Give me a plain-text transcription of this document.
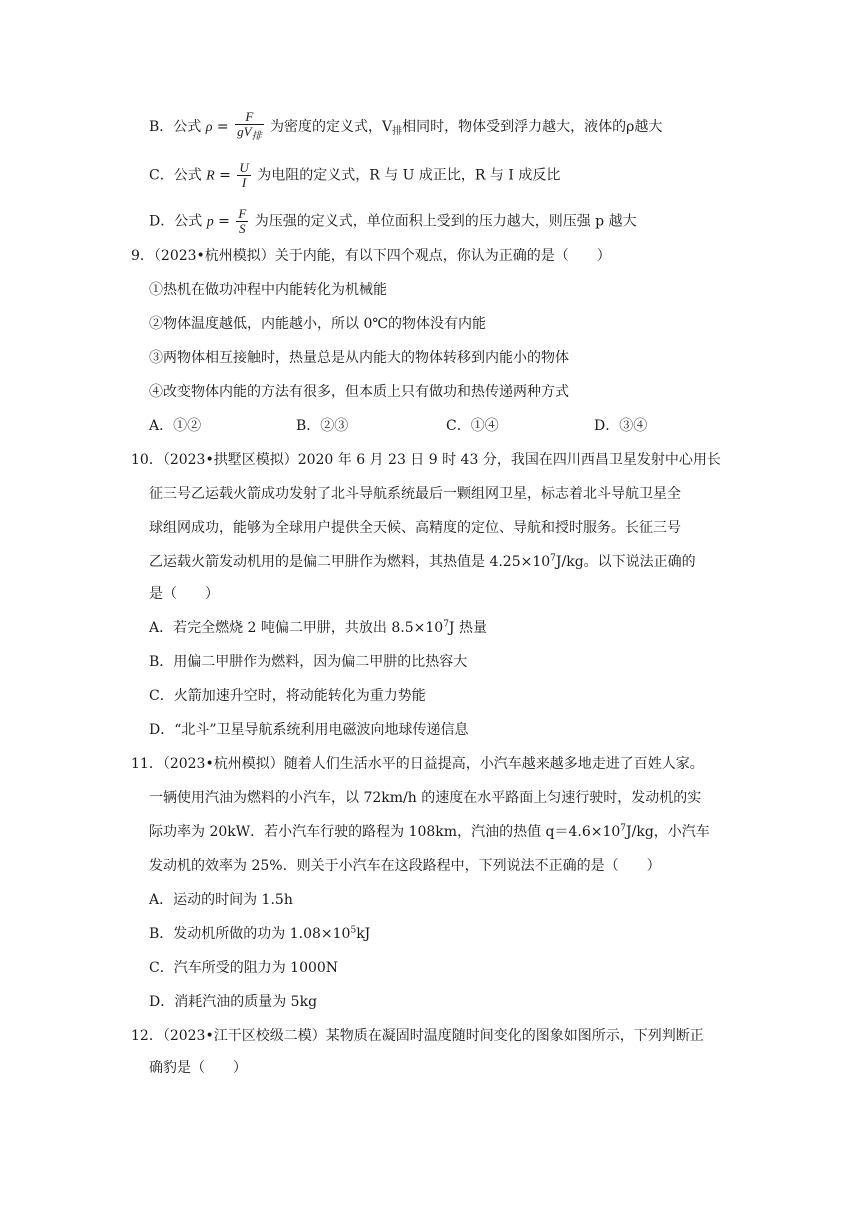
B．公式 $\rho = \frac{F}{gV_排}$ 为密度的定义式，$V_排$相同时，物体受到浮力越大，液体的ρ越大
C．公式 $R = \frac{U}{I}$ 为电阻的定义式，R 与 U 成正比，R 与 I 成反比
D．公式 $p = \frac{F}{S}$ 为压强的定义式，单位面积上受到的压力越大，则压强 p 越大
9．（2023•杭州模拟）关于内能，有以下四个观点，你认为正确的是（　　）
①热机在做功冲程中内能转化为机械能
②物体温度越低，内能越小，所以 0℃的物体没有内能
③两物体相互接触时，热量总是从内能大的物体转移到内能小的物体
④改变物体内能的方法有很多，但本质上只有做功和热传递两种方式
A．①②	B．②③	C．①④	D．③④
10．（2023•拱墅区模拟）2020 年 6 月 23 日 9 时 43 分，我国在四川西昌卫星发射中心用长
征三号乙运载火箭成功发射了北斗导航系统最后一颗组网卫星，标志着北斗导航卫星全
球组网成功，能够为全球用户提供全天候、高精度的定位、导航和授时服务。长征三号
乙运载火箭发动机用的是偏二甲肼作为燃料，其热值是 $4.25\times 10^7J/kg$。以下说法正确的
是（　　）
A．若完全燃烧 2 吨偏二甲肼，共放出 $8.5\times 10^7J$ 热量
B．用偏二甲肼作为燃料，因为偏二甲肼的比热容大
C．火箭加速升空时，将动能转化为重力势能
D．“北斗”卫星导航系统利用电磁波向地球传递信息
11．（2023•杭州模拟）随着人们生活水平的日益提高，小汽车越来越多地走进了百姓人家。
一辆使用汽油为燃料的小汽车，以 72km/h 的速度在水平路面上匀速行驶时，发动机的实
际功率为 20kW．若小汽车行驶的路程为 108km，汽油的热值 $q=4.6\times 10^7J/kg$，小汽车
发动机的效率为 25%．则关于小汽车在这段路程中，下列说法不正确的是（　　）
A．运动的时间为 1.5h
B．发动机所做的功为 $1.08\times 10^5kJ$
C．汽车所受的阻力为 1000N
D．消耗汽油的质量为 5kg
12．（2023•江干区校级二模）某物质在凝固时温度随时间变化的图象如图所示，下列判断正
确豹是（　　）
